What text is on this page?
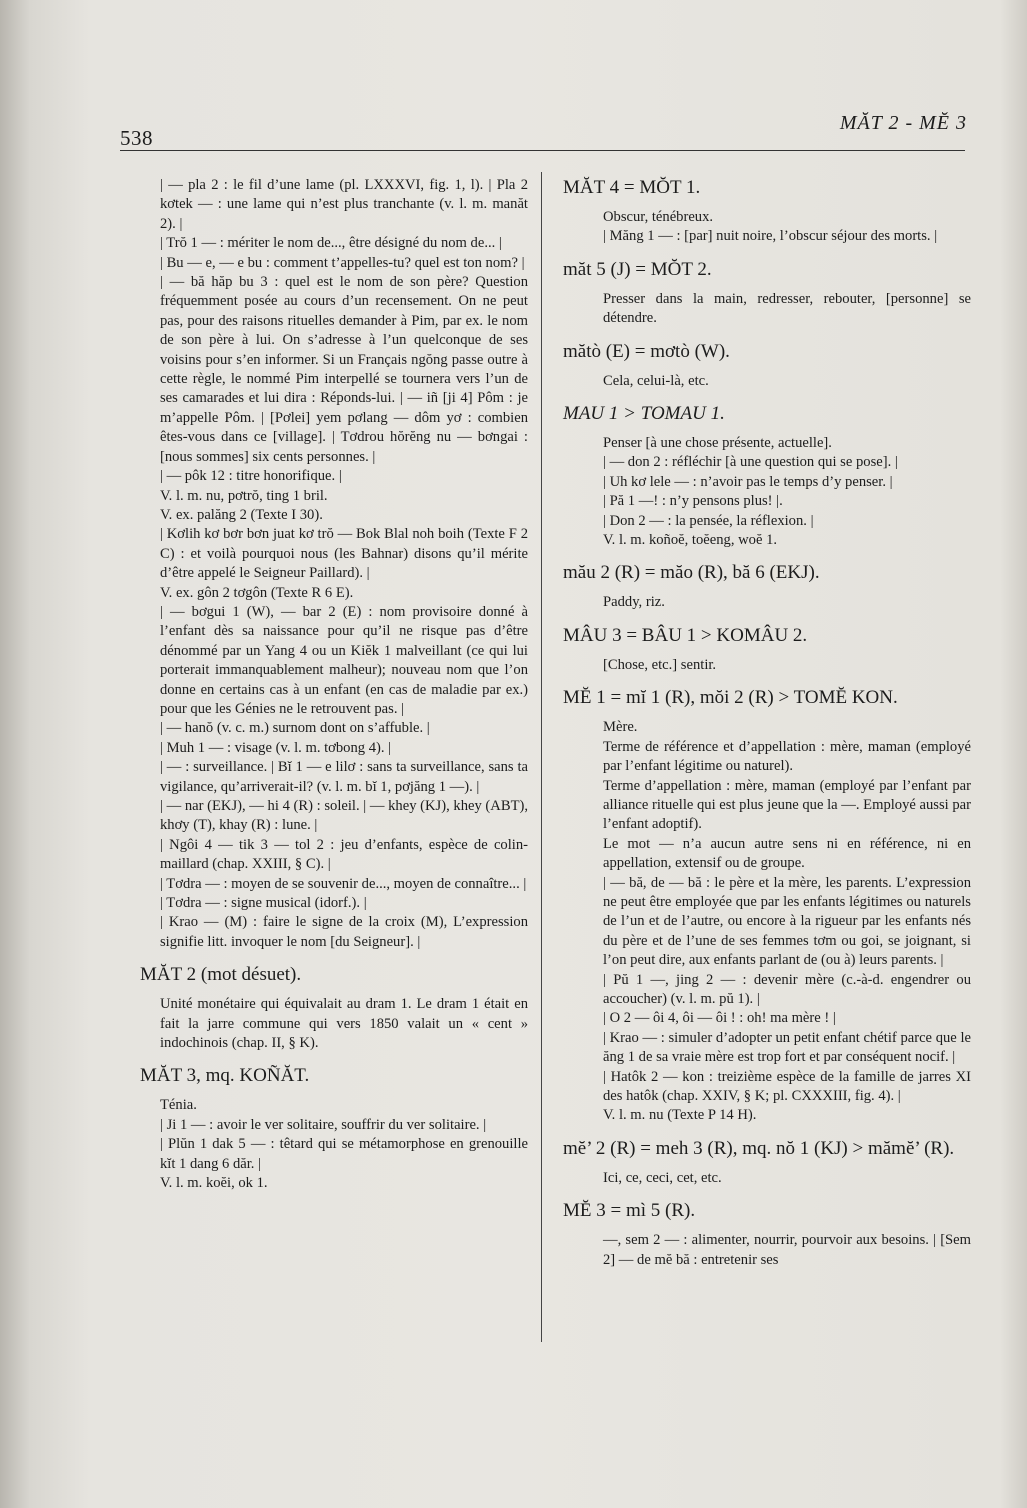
538
MĂT 2 - MĔ 3

| — pla 2 : le fil d’une lame (pl. LXXXVI, fig. 1, l). | Pla 2 kơtek — : une lame qui n’est plus tranchante (v. l. m. manăt 2). |

| Trŏ 1 — : mériter le nom de..., être désigné du nom de... |

| Bu — e, — e bu : comment t’appelles-tu? quel est ton nom? |

| — bă hăp bu 3 : quel est le nom de son père? Question fréquemment posée au cours d’un recensement. On ne peut pas, pour des raisons rituelles demander à Pim, par ex. le nom de son père à lui. On s’adresse à l’un quelconque de ses voisins pour s’en informer. Si un Français ngŏng passe outre à cette règle, le nommé Pim interpellé se tournera vers l’un de ses camarades et lui dira : Réponds-lui. | — iñ [ji 4] Pôm : je m’appelle Pôm. | [Pơlei] yem pơlang — dôm yơ : combien êtes-vous dans ce [village]. | Tơdrou hŏrĕng nu — bơngai : [nous sommes] six cents personnes. |

| — pôk 12 : titre honorifique. |

V. l. m. nu, pơtrŏ, ting 1 bril.

V. ex. palăng 2 (Texte I 30).

| Kơlih kơ bơr bơn juat kơ trŏ — Bok Blal noh boih (Texte F 2 C) : et voilà pourquoi nous (les Bahnar) disons qu’il mérite d’être appelé le Seigneur Paillard). |

V. ex. gôn 2 tơgôn (Texte R 6 E).

| — bơgui 1 (W), — bar 2 (E) : nom provisoire donné à l’enfant dès sa naissance pour qu’il ne risque pas d’être dénommé par un Yang 4 ou un Kiĕk 1 malveillant (ce qui lui porterait immanquablement malheur); nouveau nom que l’on donne en certains cas à un enfant (en cas de maladie par ex.) pour que les Génies ne le retrouvent pas. |

| — hanŏ (v. c. m.) surnom dont on s’affuble. |

| Muh 1 — : visage (v. l. m. tơbong 4). |

| — : surveillance. | Bĭ 1 — e lilơ : sans ta surveillance, sans ta vigilance, qu’arriverait-il? (v. l. m. bĭ 1, pơjăng 1 —). |

| — nar (EKJ), — hi 4 (R) : soleil. | — khey (KJ), khey (ABT), khơy (T), khay (R) : lune. |

| Ngôi 4 — tik 3 — tol 2 : jeu d’enfants, espèce de colin-maillard (chap. XXIII, § C). |

| Tơdra — : moyen de se souvenir de..., moyen de connaître... |

| Tơdra — : signe musical (idorf.). |

| Krao — (M) : faire le signe de la croix (M), L’expression signifie litt. invoquer le nom [du Seigneur]. |

MĂT 2 (mot désuet).

Unité monétaire qui équivalait au dram 1. Le dram 1 était en fait la jarre commune qui vers 1850 valait un « cent » indochinois (chap. II, § K).

MĂT 3, mq. KOÑĂT.

Ténia.

| Ji 1 — : avoir le ver solitaire, souffrir du ver solitaire. |

| Plŭn 1 dak 5 — : têtard qui se métamorphose en grenouille kĭt 1 dang 6 dăr. |

V. l. m. koĕi, ok 1.

MĂT 4 = MŎT 1.

Obscur, ténébreux.

| Măng 1 — : [par] nuit noire, l’obscur séjour des morts. |

măt 5 (J) = MŎT 2.

Presser dans la main, redresser, rebouter, [personne] se détendre.

mătò (E) = mơtò (W).

Cela, celui-là, etc.

MAU 1 > TOMAU 1.

Penser [à une chose présente, actuelle].

| — don 2 : réfléchir [à une question qui se pose]. |

| Uh kơ lele — : n’avoir pas le temps d’y penser. |

| Pă 1 —! : n’y pensons plus! |.

| Don 2 — : la pensée, la réflexion. |

V. l. m. koñoĕ, toĕeng, woĕ 1.

mău 2 (R) = măo (R), bă 6 (EKJ).

Paddy, riz.

MÂU 3 = BÂU 1 > KOMÂU 2.

[Chose, etc.] sentir.

MĔ 1 = mĭ 1 (R), mŏi 2 (R) > TOMĔ KON.

Mère.

Terme de référence et d’appellation : mère, maman (employé par l’enfant légitime ou naturel).

Terme d’appellation : mère, maman (employé par l’enfant par alliance rituelle qui est plus jeune que la —. Employé aussi par l’enfant adoptif).

Le mot — n’a aucun autre sens ni en référence, ni en appellation, extensif ou de groupe.

| — bă, de — bă : le père et la mère, les parents. L’expression ne peut être employée que par les enfants légitimes ou naturels de l’un et de l’autre, ou encore à la rigueur par les enfants nés du père et de l’une de ses femmes tơm ou goi, se joignant, si l’on peut dire, aux enfants parlant de (ou à) leurs parents. |

| Pŭ 1 —, jing 2 — : devenir mère (c.-à-d. engendrer ou accoucher) (v. l. m. pŭ 1). |

| O 2 — ôi 4, ôi — ôi ! : oh! ma mère ! |

| Krao — : simuler d’adopter un petit enfant chétif parce que le ăng 1 de sa vraie mère est trop fort et par conséquent nocif. |

| Hatôk 2 — kon : treizième espèce de la famille de jarres XI des hatôk (chap. XXIV, § K; pl. CXXXIII, fig. 4). |

V. l. m. nu (Texte P 14 H).

mĕ’ 2 (R) = meh 3 (R), mq. nŏ 1 (KJ) > mămĕ’ (R).

Ici, ce, ceci, cet, etc.

MĔ 3 = mì 5 (R).

—, sem 2 — : alimenter, nourrir, pourvoir aux besoins. | [Sem 2] — de mĕ bă : entretenir ses
